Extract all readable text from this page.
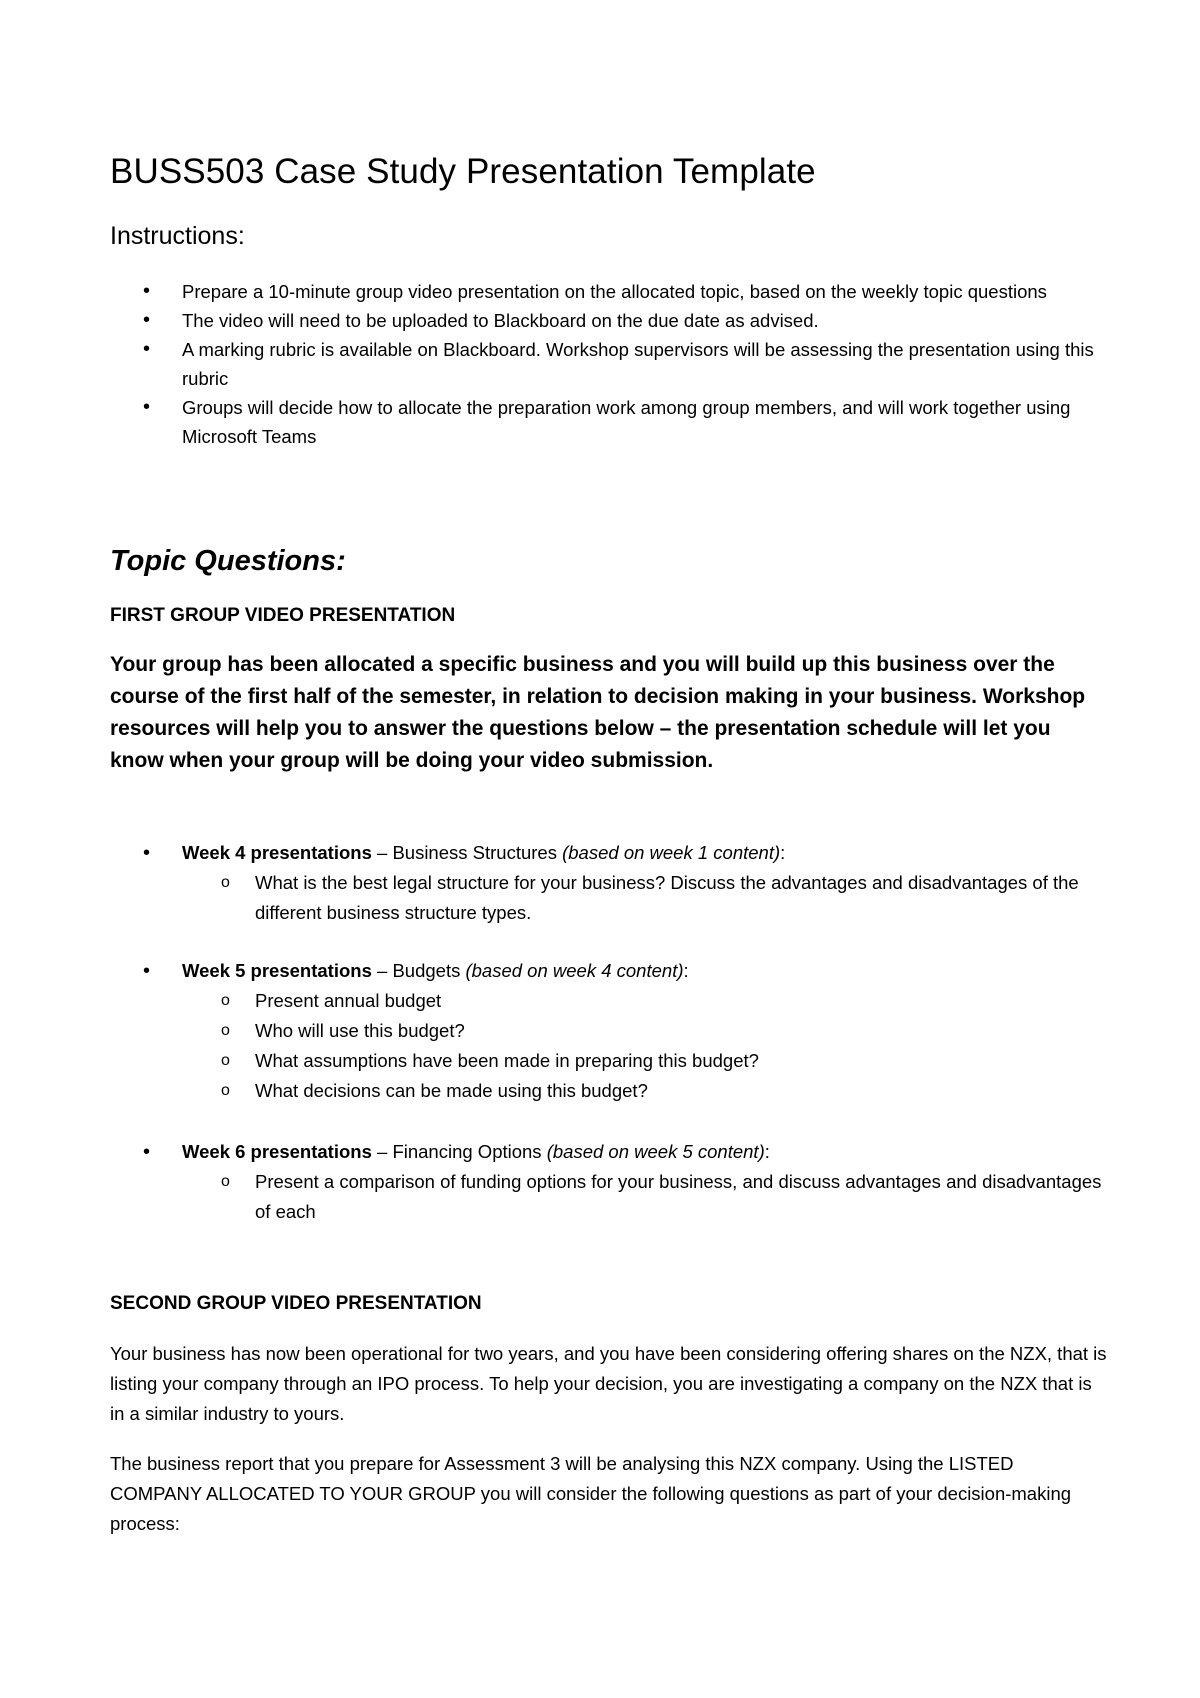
BUSS503 Case Study Presentation Template
Instructions:
• Prepare a 10-minute group video presentation on the allocated topic, based on the weekly topic questions
• The video will need to be uploaded to Blackboard on the due date as advised.
• A marking rubric is available on Blackboard. Workshop supervisors will be assessing the presentation using this rubric
• Groups will decide how to allocate the preparation work among group members, and will work together using Microsoft Teams
Topic Questions:
FIRST GROUP VIDEO PRESENTATION

Your group has been allocated a specific business and you will build up this business over the course of the first half of the semester, in relation to decision making in your business. Workshop resources will help you to answer the questions below – the presentation schedule will let you know when your group will be doing your video submission.

• Week 4 presentations – Business Structures (based on week 1 content):
o What is the best legal structure for your business? Discuss the advantages and disadvantages of the different business structure types.
• Week 5 presentations – Budgets (based on week 4 content):
o Present annual budget
o Who will use this budget?
o What assumptions have been made in preparing this budget?
o What decisions can be made using this budget?
• Week 6 presentations – Financing Options (based on week 5 content):
o Present a comparison of funding options for your business, and discuss advantages and disadvantages of each
SECOND GROUP VIDEO PRESENTATION

Your business has now been operational for two years, and you have been considering offering shares on the NZX, that is listing your company through an IPO process. To help your decision, you are investigating a company on the NZX that is in a similar industry to yours.

The business report that you prepare for Assessment 3 will be analysing this NZX company. Using the LISTED COMPANY ALLOCATED TO YOUR GROUP you will consider the following questions as part of your decision-making process:
